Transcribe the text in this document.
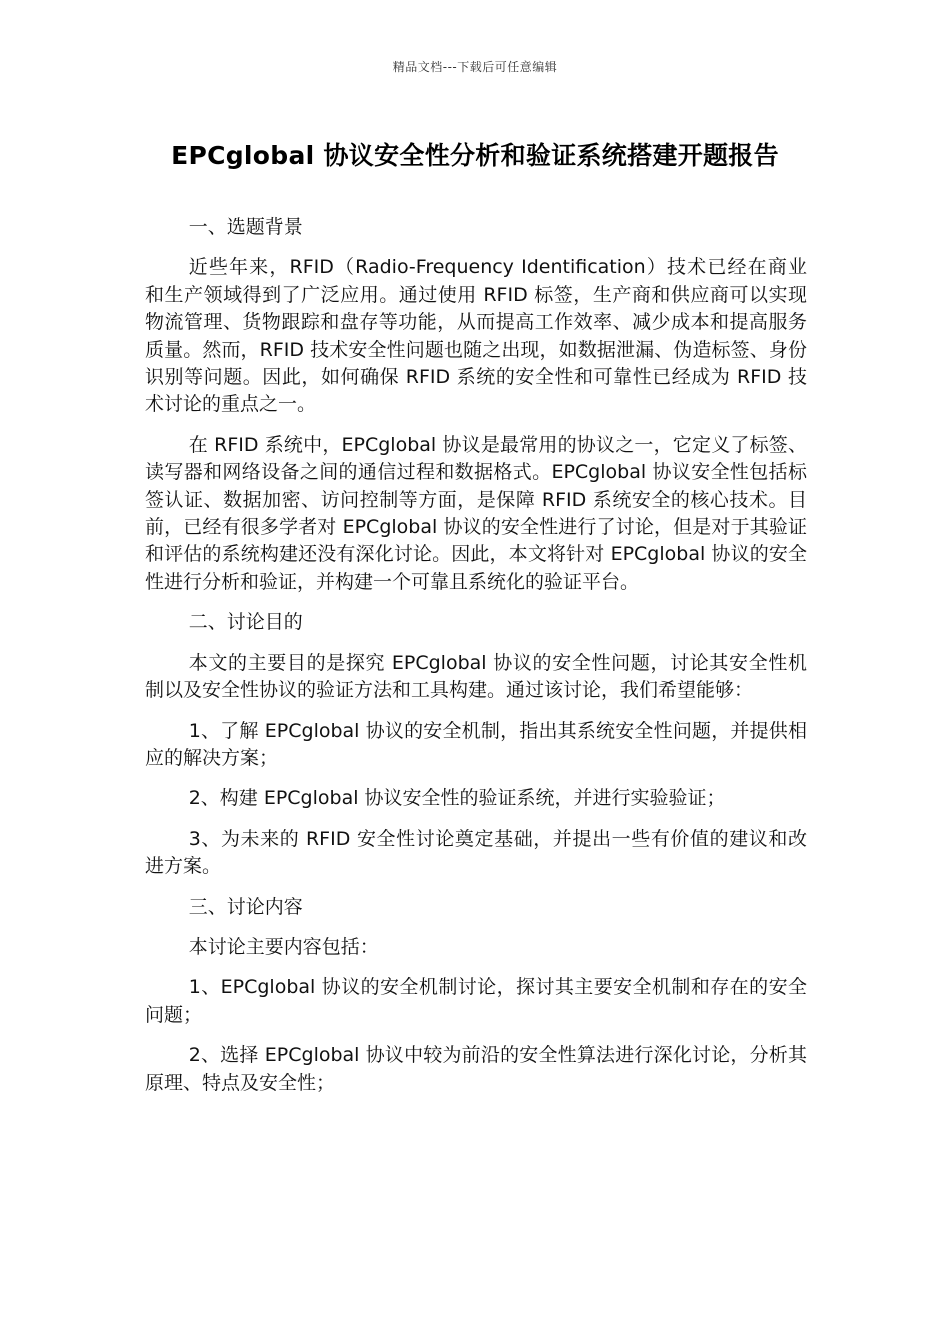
精品文档---下载后可任意编辑
EPCglobal 协议安全性分析和验证系统搭建开题报告

一、选题背景

近些年来，RFID（Radio-Frequency Identification）技术已经在商业和生产领域得到了广泛应用。通过使用 RFID 标签，生产商和供应商可以实现物流管理、货物跟踪和盘存等功能，从而提高工作效率、减少成本和提高服务质量。然而，RFID 技术安全性问题也随之出现，如数据泄漏、伪造标签、身份识别等问题。因此，如何确保 RFID 系统的安全性和可靠性已经成为 RFID 技术讨论的重点之一。

在 RFID 系统中，EPCglobal 协议是最常用的协议之一，它定义了标签、读写器和网络设备之间的通信过程和数据格式。EPCglobal 协议安全性包括标签认证、数据加密、访问控制等方面，是保障 RFID 系统安全的核心技术。目前，已经有很多学者对 EPCglobal 协议的安全性进行了讨论，但是对于其验证和评估的系统构建还没有深化讨论。因此，本文将针对 EPCglobal 协议的安全性进行分析和验证，并构建一个可靠且系统化的验证平台。

二、讨论目的

本文的主要目的是探究 EPCglobal 协议的安全性问题，讨论其安全性机制以及安全性协议的验证方法和工具构建。通过该讨论，我们希望能够：

1、了解 EPCglobal 协议的安全机制，指出其系统安全性问题，并提供相应的解决方案；

2、构建 EPCglobal 协议安全性的验证系统，并进行实验验证；

3、为未来的 RFID 安全性讨论奠定基础，并提出一些有价值的建议和改进方案。

三、讨论内容

本讨论主要内容包括：

1、EPCglobal 协议的安全机制讨论，探讨其主要安全机制和存在的安全问题；

2、选择 EPCglobal 协议中较为前沿的安全性算法进行深化讨论，分析其原理、特点及安全性；
